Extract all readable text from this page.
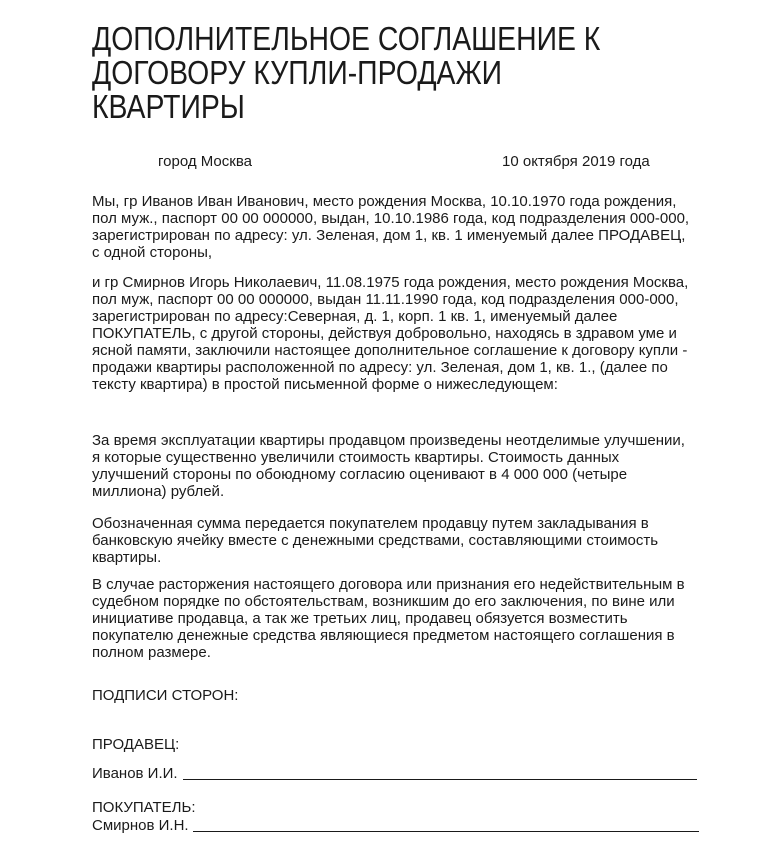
ДОПОЛНИТЕЛЬНОЕ СОГЛАШЕНИЕ К
ДОГОВОРУ КУПЛИ-ПРОДАЖИ
КВАРТИРЫ
город Москва	10 октября 2019 года

Мы, гр Иванов Иван Иванович, место рождения Москва, 10.10.1970 года рождения,
пол муж., паспорт 00 00 000000, выдан, 10.10.1986 года, код подразделения 000-000,
зарегистрирован по адресу: ул. Зеленая, дом 1, кв. 1 именуемый далее ПРОДАВЕЦ,
с одной стороны,

и гр Смирнов Игорь Николаевич, 11.08.1975 года рождения, место рождения Москва,
пол муж, паспорт 00 00 000000, выдан 11.11.1990 года, код подразделения 000-000,
зарегистрирован по адресу:Северная, д. 1, корп. 1 кв. 1, именуемый далее
ПОКУПАТЕЛЬ, с другой стороны, действуя добровольно, находясь в здравом уме и
ясной памяти, заключили настоящее дополнительное соглашение к договору купли -
продажи квартиры расположенной по адресу: ул. Зеленая, дом 1, кв. 1., (далее по
тексту квартира) в простой письменной форме о нижеследующем:

За время эксплуатации квартиры продавцом произведены неотделимые улучшении,
я которые существенно увеличили стоимость квартиры. Стоимость данных
улучшений стороны по обоюдному согласию оценивают в 4 000 000 (четыре
миллиона) рублей.

Обозначенная сумма передается покупателем продавцу путем закладывания в
банковскую ячейку вместе с денежными средствами, составляющими стоимость
квартиры.

В случае расторжения настоящего договора или признания его недействительным в
судебном порядке по обстоятельствам, возникшим до его заключения, по вине или
инициативе продавца, а так же третьих лиц, продавец обязуется возместить
покупателю денежные средства являющиеся предметом настоящего соглашения в
полном размере.

ПОДПИСИ СТОРОН:
ПРОДАВЕЦ:
Иванов И.И.
ПОКУПАТЕЛЬ:
Смирнов И.Н.
